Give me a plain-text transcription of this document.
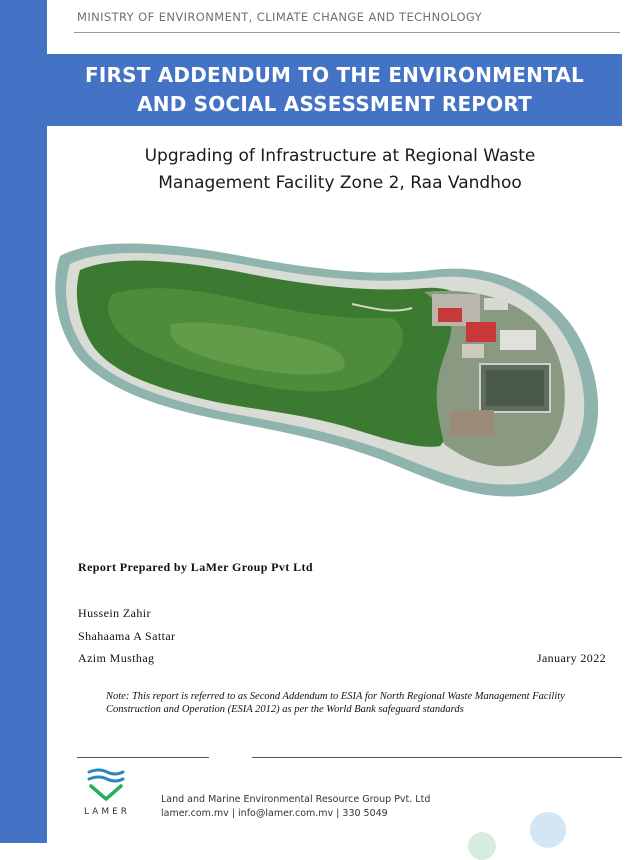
MINISTRY OF ENVIRONMENT, CLIMATE CHANGE AND TECHNOLOGY
FIRST ADDENDUM TO THE ENVIRONMENTAL
AND SOCIAL ASSESSMENT REPORT
Upgrading of Infrastructure at Regional Waste
Management Facility Zone 2, Raa Vandhoo
Report Prepared by LaMer Group Pvt Ltd
Hussein Zahir
Shahaama A Sattar
Azim Musthag	January 2022
Note: This report is referred to as Second Addendum to ESIA for North Regional Waste Management Facility Construction and Operation (ESIA 2012) as per the World Bank safeguard standards
LAMER
Land and Marine Environmental Resource Group Pvt. Ltd
lamer.com.mv | info@lamer.com.mv | 330 5049
